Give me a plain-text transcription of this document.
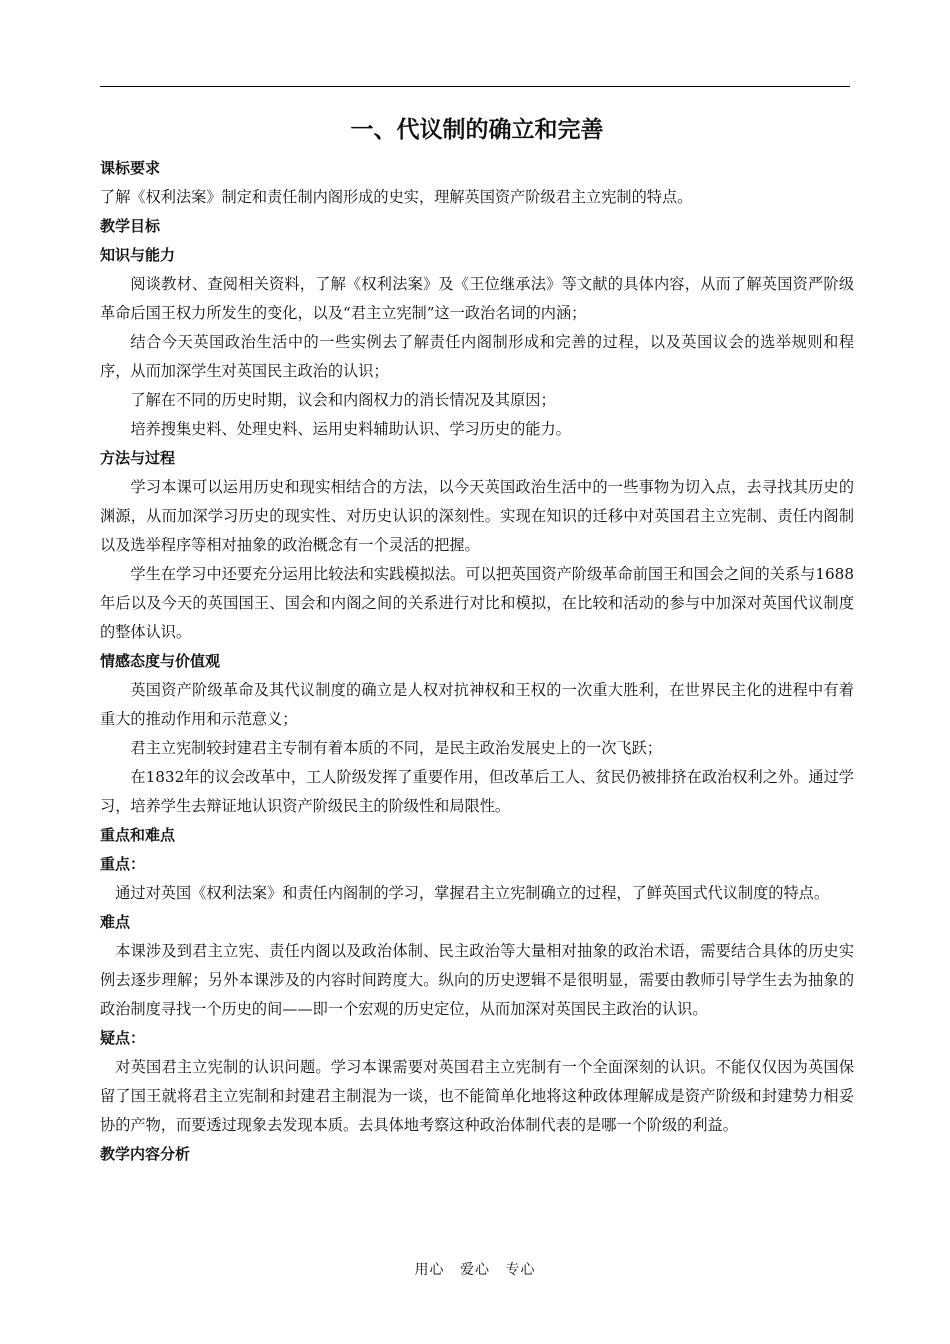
一、代议制的确立和完善

课标要求

了解《权利法案》制定和责任制内阁形成的史实，理解英国资产阶级君主立宪制的特点。

教学目标

知识与能力

阅谈教材、查阅相关资料，了解《权利法案》及《王位继承法》等文献的具体内容，从而了解英国资严阶级革命后国王权力所发生的变化，以及“君主立宪制”这一政治名词的内涵；

结合今天英国政治生活中的一些实例去了解责任内阁制形成和完善的过程，以及英国议会的选举规则和程序，从而加深学生对英国民主政治的认识；

了解在不同的历史时期，议会和内阁权力的消长情况及其原因；

培养搜集史料、处理史料、运用史料辅助认识、学习历史的能力。

方法与过程

学习本课可以运用历史和现实相结合的方法，以今天英国政治生活中的一些事物为切入点，去寻找其历史的渊源，从而加深学习历史的现实性、对历史认识的深刻性。实现在知识的迁移中对英国君主立宪制、责任内阁制以及选举程序等相对抽象的政治概念有一个灵活的把握。

学生在学习中还要充分运用比较法和实践模拟法。可以把英国资产阶级革命前国王和国会之间的关系与1688年后以及今天的英国国王、国会和内阁之间的关系进行对比和模拟，在比较和活动的参与中加深对英国代议制度的整体认识。

情感态度与价值观

英国资产阶级革命及其代议制度的确立是人权对抗神权和王权的一次重大胜利，在世界民主化的进程中有着重大的推动作用和示范意义；

君主立宪制较封建君主专制有着本质的不同，是民主政治发展史上的一次飞跃；

在1832年的议会改革中，工人阶级发挥了重要作用，但改革后工人、贫民仍被排挤在政治权利之外。通过学习，培养学生去辩证地认识资产阶级民主的阶级性和局限性。

重点和难点

重点：

通过对英国《权利法案》和责任内阁制的学习，掌握君主立宪制确立的过程，了鲜英国式代议制度的特点。

难点

本课涉及到君主立宪、责任内阁以及政治体制、民主政治等大量相对抽象的政治术语，需要结合具体的历史实例去逐步理解；另外本课涉及的内容时间跨度大。纵向的历史逻辑不是很明显，需要由教师引导学生去为抽象的政治制度寻找一个历史的间——即一个宏观的历史定位，从而加深对英国民主政治的认识。

疑点：

对英国君主立宪制的认识问题。学习本课需要对英国君主立宪制有一个全面深刻的认识。不能仅仅因为英国保留了国王就将君主立宪制和封建君主制混为一谈，也不能简单化地将这种政体理解成是资产阶级和封建势力相妥协的产物，而要透过现象去发现本质。去具体地考察这种政治体制代表的是哪一个阶级的利益。

教学内容分析

用心 爱心 专心
